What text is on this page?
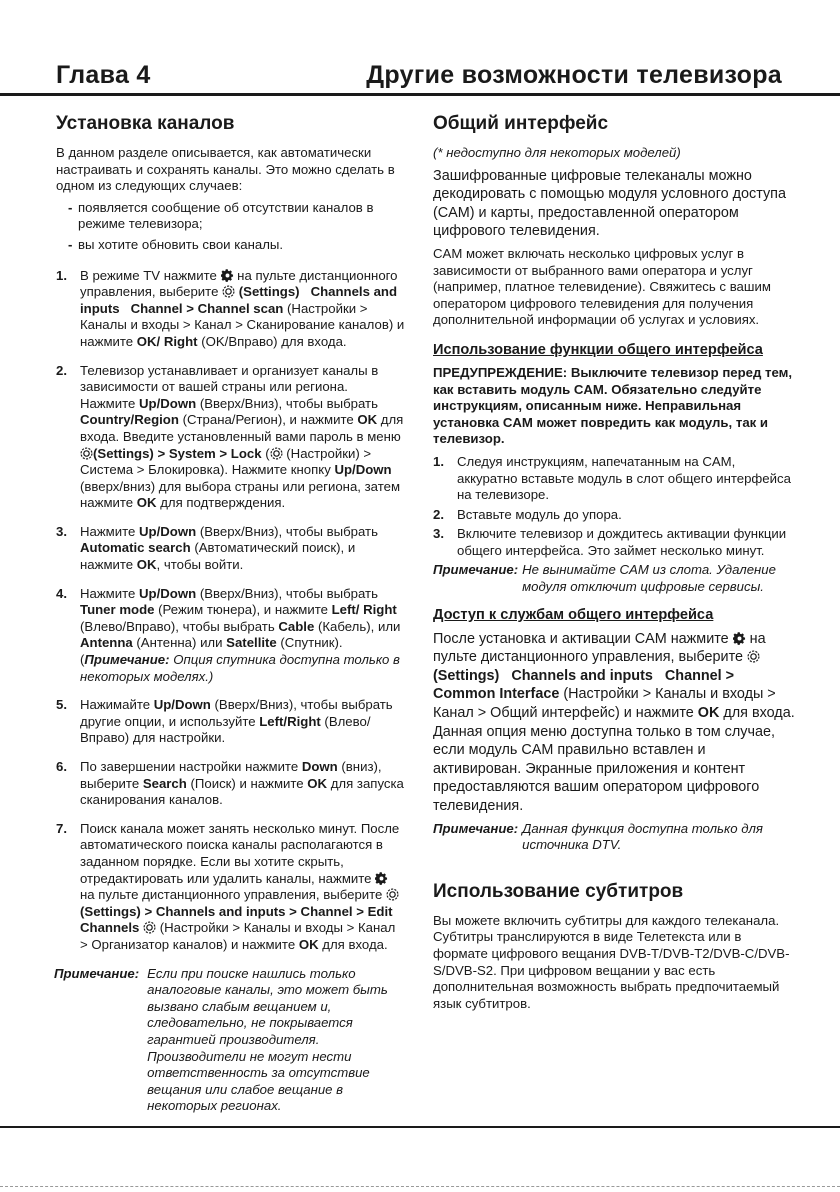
Глава 4	Другие возможности телевизора
Установка каналов

В данном разделе описывается, как автоматически настраивать и сохранять каналы. Это можно сделать в одном из следующих случаев:

- появляется сообщение об отсутствии каналов в режиме телевизора;
- вы хотите обновить свои каналы.
1. В режиме TV нажмите  на пульте дистанционного управления, выберите  (Settings) Channels and inputs Channel > Channel scan (Настройки > Каналы и входы > Канал > Сканирование каналов) и нажмите OK/ Right (OK/Вправо) для входа.
2. Телевизор устанавливает и организует каналы в зависимости от вашей страны или региона. Нажмите Up/Down (Вверх/Вниз), чтобы выбрать Country/Region (Страна/Регион), и нажмите OK для входа. Введите установленный вами пароль в меню (Settings) > System > Lock ( (Настройки) > Система > Блокировка). Нажмите кнопку Up/Down (вверх/вниз) для выбора страны или региона, затем нажмите OK для подтверждения.
3. Нажмите Up/Down (Вверх/Вниз), чтобы выбрать Automatic search (Автоматический поиск), и нажмите OK, чтобы войти.
4. Нажмите Up/Down (Вверх/Вниз), чтобы выбрать Tuner mode (Режим тюнера), и нажмите Left/ Right (Влево/Вправо), чтобы выбрать Cable (Кабель), или Antenna (Антенна) или Satellite (Спутник). (Примечание: Опция спутника доступна только в некоторых моделях.)
5. Нажимайте Up/Down (Вверх/Вниз), чтобы выбрать другие опции, и используйте Left/Right (Влево/Вправо) для настройки.
6. По завершении настройки нажмите Down (вниз), выберите Search (Поиск) и нажмите OK для запуска сканирования каналов.
7. Поиск канала может занять несколько минут. После автоматического поиска каналы располагаются в заданном порядке. Если вы хотите скрыть, отредактировать или удалить каналы, нажмите  на пульте дистанционного управления, выберите (Settings) > Channels and inputs > Channel > Edit Channels  (Настройки > Каналы и входы > Канал > Организатор каналов) и нажмите OK для входа.
Примечание: Если при поиске нашлись только аналоговые каналы, это может быть вызвано слабым вещанием и, следовательно, не покрывается гарантией производителя. Производители не могут нести ответственность за отсутствие вещания или слабое вещание в некоторых регионах.
Общий интерфейс

(* недоступно для некоторых моделей)

Зашифрованные цифровые телеканалы можно декодировать с помощью модуля условного доступа (CAM) и карты, предоставленной оператором цифрового телевидения.

CAM может включать несколько цифровых услуг в зависимости от выбранного вами оператора и услуг (например, платное телевидение). Свяжитесь с вашим оператором цифрового телевидения для получения дополнительной информации об услугах и условиях.

Использование функции общего интерфейса

ПРЕДУПРЕЖДЕНИЕ: Выключите телевизор перед тем, как вставить модуль CAM. Обязательно следуйте инструкциям, описанным ниже. Неправильная установка CAM может повредить как модуль, так и телевизор.

1. Следуя инструкциям, напечатанным на CAM, аккуратно вставьте модуль в слот общего интерфейса на телевизоре.
2. Вставьте модуль до упора.
3. Включите телевизор и дождитесь активации функции общего интерфейса. Это займет несколько минут.
Примечание: Не вынимайте CAM из слота. Удаление модуля отключит цифровые сервисы.
Доступ к службам общего интерфейса

После установка и активации CAM нажмите  на пульте дистанционного управления, выберите  (Settings) Channels and inputs Channel > Common Interface (Настройки > Каналы и входы > Канал > Общий интерфейс) и нажмите OK для входа. Данная опция меню доступна только в том случае, если модуль CAM правильно вставлен и активирован. Экранные приложения и контент предоставляются вашим оператором цифрового телевидения.

Примечание: Данная функция доступна только для источника DTV.
Использование субтитров

Вы можете включить субтитры для каждого телеканала. Субтитры транслируются в виде Телетекста или в формате цифрового вещания DVB-T/DVB-T2/DVB-C/DVB-S/DVB-S2. При цифровом вещании у вас есть дополнительная возможность выбрать предпочитаемый язык субтитров.
